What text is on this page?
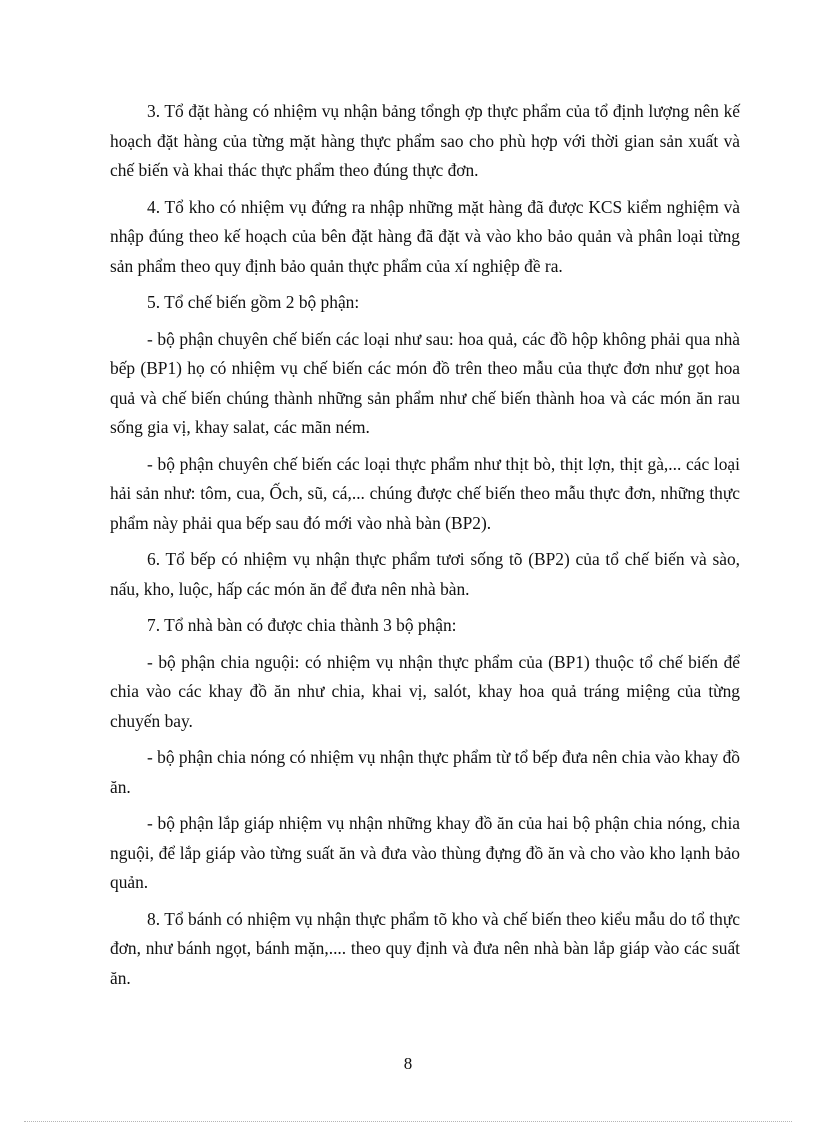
3. Tổ đặt hàng có nhiệm vụ nhận bảng tổngh ợp thực phẩm của tổ định lượng nên kế hoạch đặt hàng của từng mặt hàng thực phẩm sao cho phù hợp với thời gian sản xuất và chế biến và khai thác thực phẩm theo đúng thực đơn.

4. Tổ kho có nhiệm vụ đứng ra nhập những mặt hàng đã được KCS kiểm nghiệm và nhập đúng theo kế hoạch của bên đặt hàng đã đặt và vào kho bảo quản và phân loại từng sản phẩm theo quy định bảo quản thực phẩm của xí nghiệp đề ra.

5. Tổ chế biến gồm 2 bộ phận:

- bộ phận chuyên chế biến các loại như sau: hoa quả, các đồ hộp không phải qua nhà bếp (BP1) họ có nhiệm vụ chế biến các món đồ trên theo mẫu của thực đơn như gọt hoa quả và chế biến chúng thành những sản phẩm như chế biến thành hoa và các món ăn rau sống gia vị, khay salat, các mãn ném.

- bộ phận chuyên chế biến các loại thực phẩm như thịt bò, thịt lợn, thịt gà,... các loại hải sản như: tôm, cua, Ốch, sũ, cá,... chúng được chế biến theo mẫu thực đơn, những thực phẩm này phải qua bếp sau đó mới vào nhà bàn (BP2).

6. Tổ bếp có nhiệm vụ nhận thực phẩm tươi sống tõ (BP2) của tổ chế biến và sào, nấu, kho, luộc, hấp các món ăn để đưa nên nhà bàn.

7. Tổ nhà bàn có được chia thành 3 bộ phận:

- bộ phận chia nguội: có nhiệm vụ nhận thực phẩm của (BP1) thuộc tổ chế biến để chia vào các khay đồ ăn như chia, khai vị, salót, khay hoa quả tráng miệng của từng chuyến bay.

- bộ phận chia nóng có nhiệm vụ nhận thực phẩm từ tổ bếp đưa nên chia vào khay đồ ăn.

- bộ phận lắp giáp nhiệm vụ nhận những khay đồ ăn của hai bộ phận chia nóng, chia nguội, để lắp giáp vào từng suất ăn và đưa vào thùng đựng đồ ăn và cho vào kho lạnh bảo quản.

8. Tổ bánh có nhiệm vụ nhận thực phẩm tõ kho và chế biến theo kiểu mẫu do tổ thực đơn, như bánh ngọt, bánh mặn,.... theo quy định và đưa nên nhà bàn lắp giáp vào các suất ăn.

8
